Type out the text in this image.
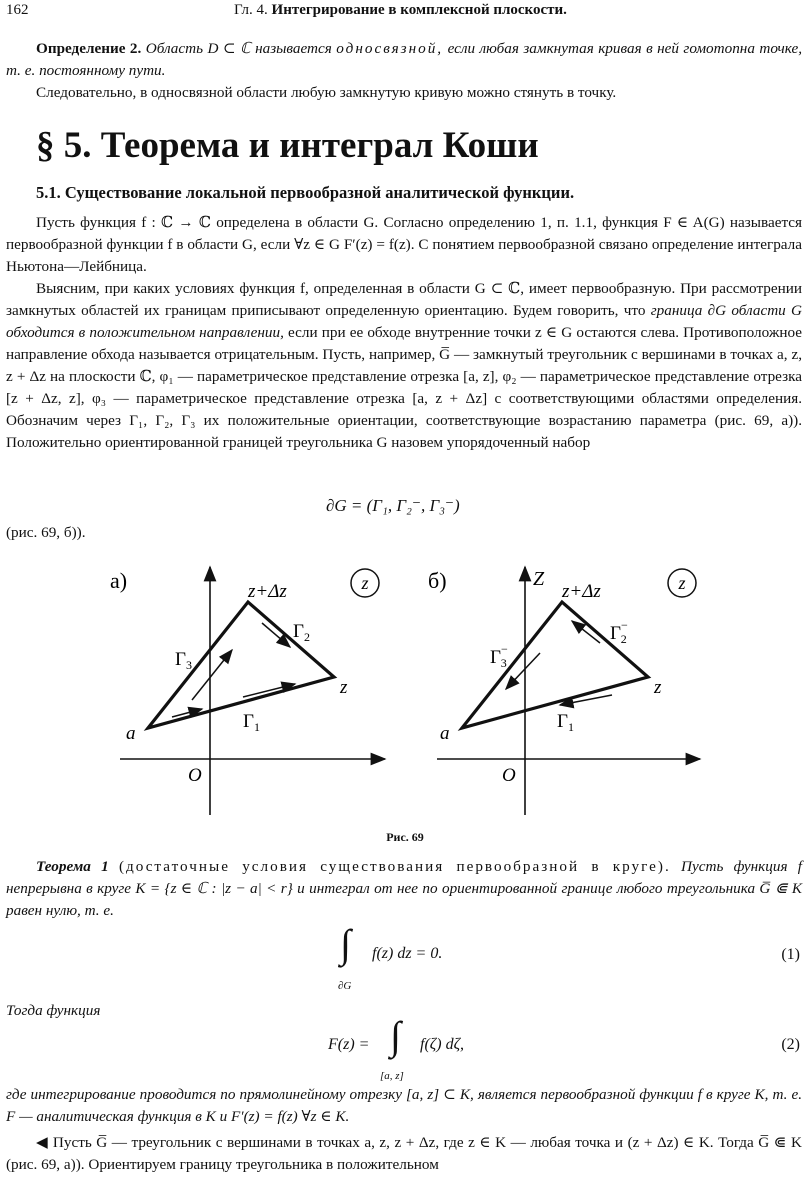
162	Гл. 4. Интегрирование в комплексной плоскости.

Определение 2. Область D ⊂ ℂ называется односвязной, если любая замкнутая кривая в ней гомотопна точке, т. е. постоянному пути.

Следовательно, в односвязной области любую замкнутую кривую можно стянуть в точку.

§ 5. Теорема и интеграл Коши
5.1. Существование локальной первообразной аналитической функции.

Пусть функция f : ℂ → ℂ определена в области G. Согласно определению 1, п. 1.1, функция F ∈ A(G) называется первообразной функции f в области G, если ∀z ∈ G F′(z) = f(z). С понятием первообразной связано определение интеграла Ньютона—Лейбница.

Выясним, при каких условиях функция f, определенная в области G ⊂ ℂ, имеет первообразную. При рассмотрении замкнутых областей их границам приписывают определенную ориентацию. Будем говорить, что граница ∂G области G обходится в положительном направлении, если при ее обходе внутренние точки z ∈ G остаются слева. Противоположное направление обхода называется отрицательным. Пусть, например, G̅ — замкнутый треугольник с вершинами в точках a, z, z + Δz на плоскости ℂ, φ₁ — параметрическое представление отрезка [a, z], φ₂ — параметрическое представление отрезка [z + Δz, z], φ₃ — параметрическое представление отрезка [a, z + Δz] с соответствующими областями определения. Обозначим через Γ₁, Γ₂, Γ₃ их положительные ориентации, соответствующие возрастанию параметра (рис. 69, а)). Положительно ориентированной границей треугольника G назовем упорядоченный набор

∂G = (Γ₁, Γ₂⁻, Γ₃⁻)
(рис. 69, б)).
а)	z+Δz
z
a
O
$\Gamma_1$
$\Gamma_2$
$\Gamma_3$
z	б)	Z
z+Δz
z
a
O
$\Gamma_1$
Γ− 2
Γ− 3
z
Рис. 69

Теорема 1 (достаточные условия существования первообразной в круге). Пусть функция f непрерывна в круге K = {z ∈ ℂ : |z − a| < r} и интеграл от нее по ориентированной границе любого треугольника G̅ ⋐ K равен нулю, т. е.

∫ f(z) dz = 0.
∂G
(1)
Тогда функция
F(z) = ∫ f(ζ) dζ,
[a, z]
(2)

где интегрирование проводится по прямолинейному отрезку [a, z] ⊂ K, является первообразной функции f в круге K, т. е. F — аналитическая функция в K и F′(z) = f(z) ∀z ∈ K.

◀ Пусть G̅ — треугольник с вершинами в точках a, z, z + Δz, где z ∈ K — любая точка и (z + Δz) ∈ K. Тогда G̅ ⋐ K (рис. 69, а)). Ориентируем границу треугольника в положительном
